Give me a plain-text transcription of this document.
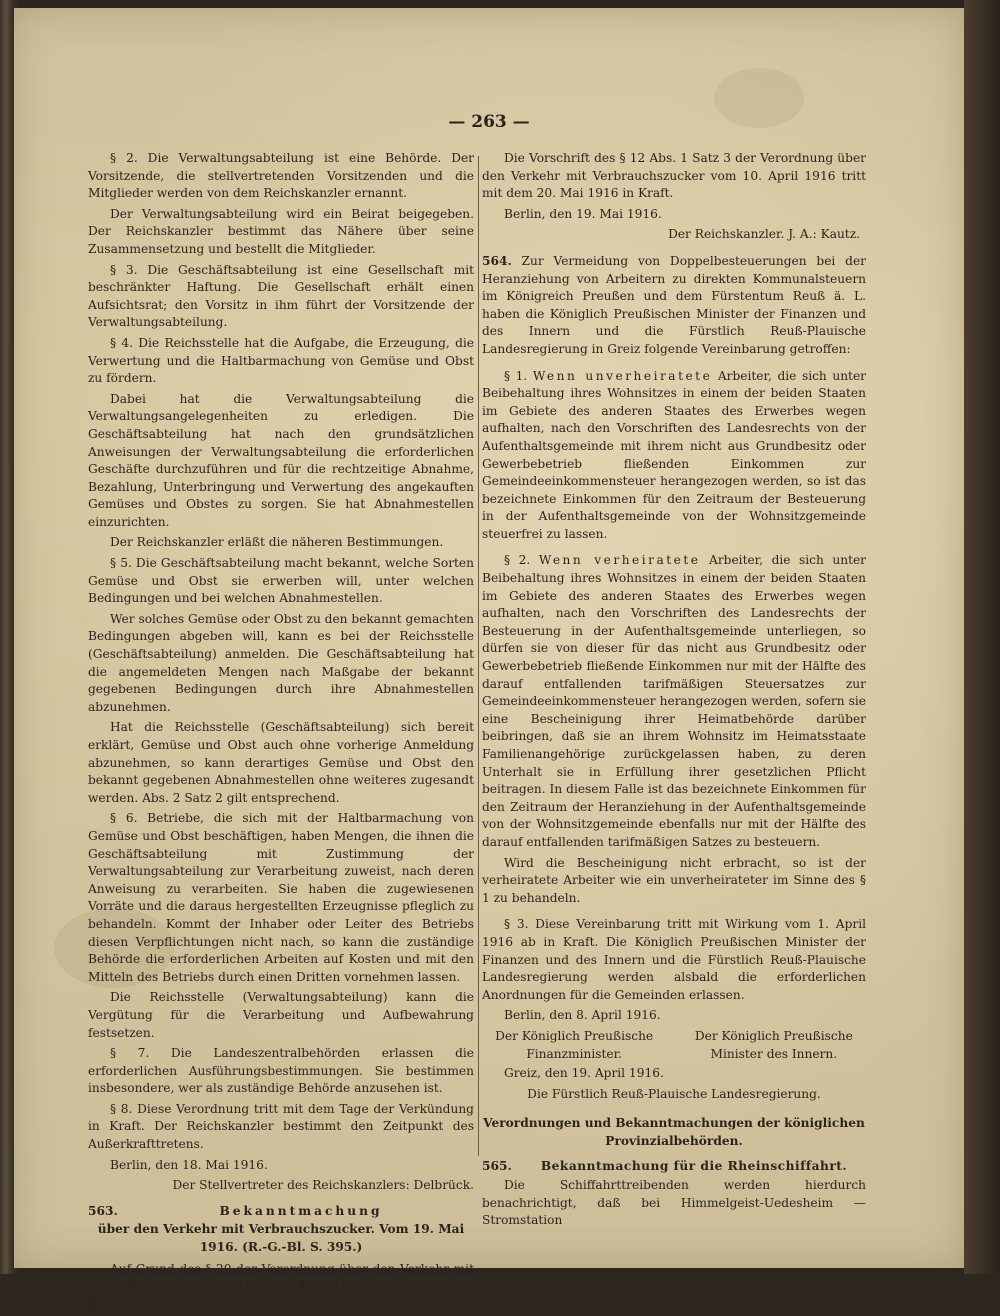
— 263 —

§ 2. Die Verwaltungsabteilung ist eine Behörde. Der Vorsitzende, die stellvertretenden Vorsitzenden und die Mitglieder werden von dem Reichskanzler ernannt.

Der Verwaltungsabteilung wird ein Beirat beigegeben. Der Reichskanzler bestimmt das Nähere über seine Zusammensetzung und bestellt die Mitglieder.

§ 3. Die Geschäftsabteilung ist eine Gesellschaft mit beschränkter Haftung. Die Gesellschaft erhält einen Aufsichtsrat; den Vorsitz in ihm führt der Vorsitzende der Verwaltungsabteilung.

§ 4. Die Reichsstelle hat die Aufgabe, die Erzeugung, die Verwertung und die Haltbarmachung von Gemüse und Obst zu fördern.

Dabei hat die Verwaltungsabteilung die Verwaltungsangelegenheiten zu erledigen. Die Geschäftsabteilung hat nach den grundsätzlichen Anweisungen der Verwaltungsabteilung die erforderlichen Geschäfte durchzuführen und für die rechtzeitige Abnahme, Bezahlung, Unterbringung und Verwertung des angekauften Gemüses und Obstes zu sorgen. Sie hat Abnahmestellen einzurichten.

Der Reichskanzler erläßt die näheren Bestimmungen.

§ 5. Die Geschäftsabteilung macht bekannt, welche Sorten Gemüse und Obst sie erwerben will, unter welchen Bedingungen und bei welchen Abnahmestellen.

Wer solches Gemüse oder Obst zu den bekannt gemachten Bedingungen abgeben will, kann es bei der Reichsstelle (Geschäftsabteilung) anmelden. Die Geschäftsabteilung hat die angemeldeten Mengen nach Maßgabe der bekannt gegebenen Bedingungen durch ihre Abnahmestellen abzunehmen.

Hat die Reichsstelle (Geschäftsabteilung) sich bereit erklärt, Gemüse und Obst auch ohne vorherige Anmeldung abzunehmen, so kann derartiges Gemüse und Obst den bekannt gegebenen Abnahmestellen ohne weiteres zugesandt werden. Abs. 2 Satz 2 gilt entsprechend.

§ 6. Betriebe, die sich mit der Haltbarmachung von Gemüse und Obst beschäftigen, haben Mengen, die ihnen die Geschäftsabteilung mit Zustimmung der Verwaltungsabteilung zur Verarbeitung zuweist, nach deren Anweisung zu verarbeiten. Sie haben die zugewiesenen Vorräte und die daraus hergestellten Erzeugnisse pfleglich zu behandeln. Kommt der Inhaber oder Leiter des Betriebs diesen Verpflichtungen nicht nach, so kann die zuständige Behörde die erforderlichen Arbeiten auf Kosten und mit den Mitteln des Betriebs durch einen Dritten vornehmen lassen.

Die Reichsstelle (Verwaltungsabteilung) kann die Vergütung für die Verarbeitung und Aufbewahrung festsetzen.

§ 7. Die Landeszentralbehörden erlassen die erforderlichen Ausführungsbestimmungen. Sie bestimmen insbesondere, wer als zuständige Behörde anzusehen ist.

§ 8. Diese Verordnung tritt mit dem Tage der Verkündung in Kraft. Der Reichskanzler bestimmt den Zeitpunkt des Außerkrafttretens.

Berlin, den 18. Mai 1916.

Der Stellvertreter des Reichskanzlers: Delbrück.

563.	Bekanntmachung

über den Verkehr mit Verbrauchszucker. Vom 19. Mai 1916. (R.-G.-Bl. S. 395.)

Auf Grund des § 20 der Verordnung über den Verkehr mit Verbrauchszucker vom 10. April 1916 (Reichs-Gesetzblatt S. 261) wird folgendes bestimmt:

Die Vorschrift des § 12 Abs. 1 Satz 3 der Verordnung über den Verkehr mit Verbrauchszucker vom 10. April 1916 tritt mit dem 20. Mai 1916 in Kraft.

Berlin, den 19. Mai 1916.

Der Reichskanzler. J. A.: Kautz.

564. Zur Vermeidung von Doppelbesteuerungen bei der Heranziehung von Arbeitern zu direkten Kommunalsteuern im Königreich Preußen und dem Fürstentum Reuß ä. L. haben die Königlich Preußischen Minister der Finanzen und des Innern und die Fürstlich Reuß-Plauische Landesregierung in Greiz folgende Vereinbarung getroffen:

§ 1. Wenn unverheiratete Arbeiter, die sich unter Beibehaltung ihres Wohnsitzes in einem der beiden Staaten im Gebiete des anderen Staates des Erwerbes wegen aufhalten, nach den Vorschriften des Landesrechts von der Aufenthaltsgemeinde mit ihrem nicht aus Grundbesitz oder Gewerbebetrieb fließenden Einkommen zur Gemeindeeinkommensteuer herangezogen werden, so ist das bezeichnete Einkommen für den Zeitraum der Besteuerung in der Aufenthaltsgemeinde von der Wohnsitzgemeinde steuerfrei zu lassen.

§ 2. Wenn verheiratete Arbeiter, die sich unter Beibehaltung ihres Wohnsitzes in einem der beiden Staaten im Gebiete des anderen Staates des Erwerbes wegen aufhalten, nach den Vorschriften des Landesrechts der Besteuerung in der Aufenthaltsgemeinde unterliegen, so dürfen sie von dieser für das nicht aus Grundbesitz oder Gewerbebetrieb fließende Einkommen nur mit der Hälfte des darauf entfallenden tarifmäßigen Steuersatzes zur Gemeindeeinkommensteuer herangezogen werden, sofern sie eine Bescheinigung ihrer Heimatbehörde darüber beibringen, daß sie an ihrem Wohnsitz im Heimatsstaate Familienangehörige zurückgelassen haben, zu deren Unterhalt sie in Erfüllung ihrer gesetzlichen Pflicht beitragen. In diesem Falle ist das bezeichnete Einkommen für den Zeitraum der Heranziehung in der Aufenthaltsgemeinde von der Wohnsitzgemeinde ebenfalls nur mit der Hälfte des darauf entfallenden tarifmäßigen Satzes zu besteuern.

Wird die Bescheinigung nicht erbracht, so ist der verheiratete Arbeiter wie ein unverheirateter im Sinne des § 1 zu behandeln.

§ 3. Diese Vereinbarung tritt mit Wirkung vom 1. April 1916 ab in Kraft. Die Königlich Preußischen Minister der Finanzen und des Innern und die Fürstlich Reuß-Plauische Landesregierung werden alsbald die erforderlichen Anordnungen für die Gemeinden erlassen.

Berlin, den 8. April 1916.

Der Königlich Preußische Finanzminister.
Der Königlich Preußische Minister des Innern.

Greiz, den 19. April 1916.

Die Fürstlich Reuß-Plauische Landesregierung.

Verordnungen und Bekanntmachungen der königlichen Provinzialbehörden.

565.	Bekanntmachung für die Rheinschiffahrt.

Die Schiffahrttreibenden werden hierdurch benachrichtigt, daß bei Himmelgeist-Uedesheim — Stromstation
